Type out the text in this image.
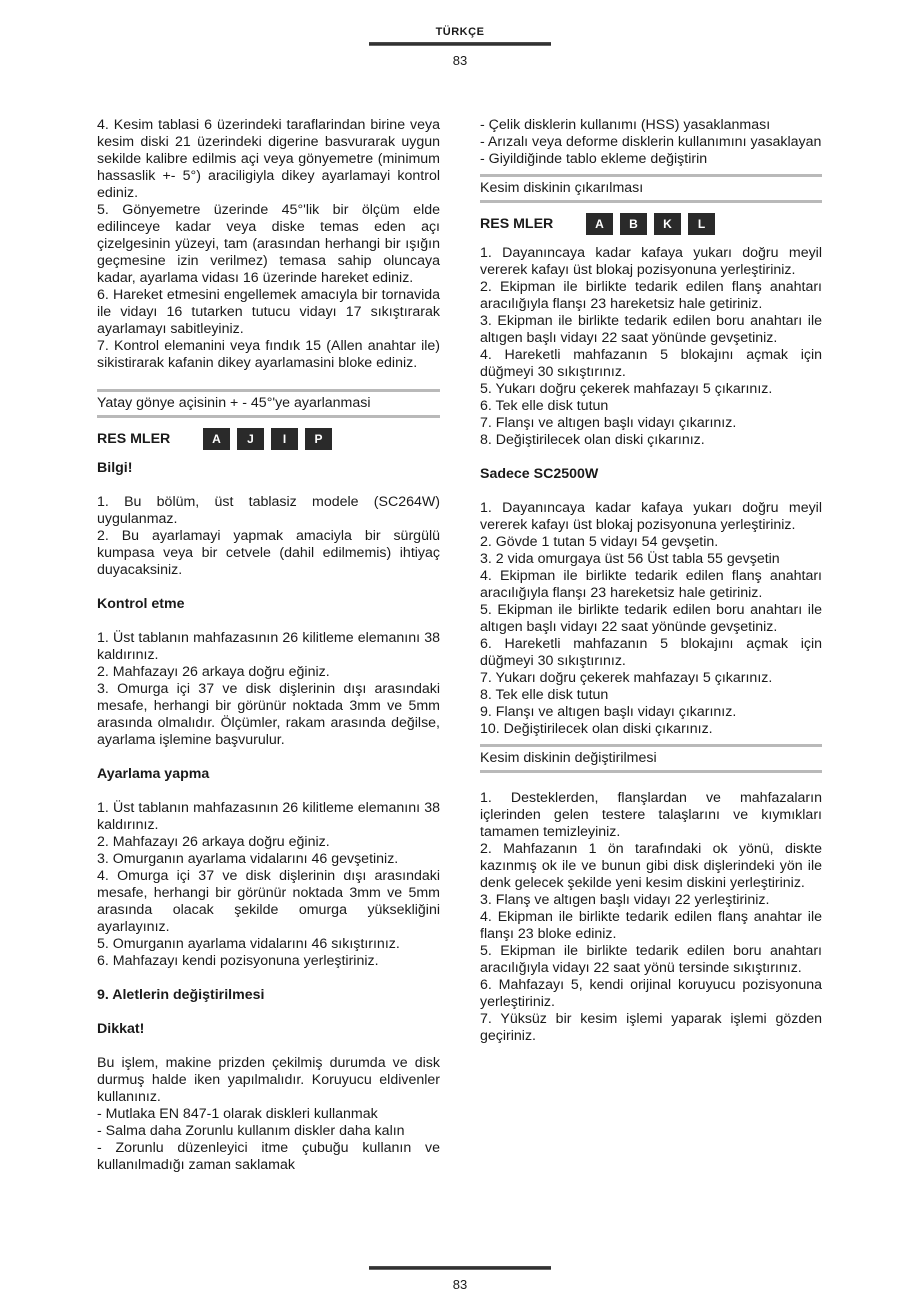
TÜRKÇE
83

4. Kesim tablasi 6 üzerindeki taraflarindan birine veya kesim diski 21 üzerindeki digerine basvurarak uygun sekilde kalibre edilmis açi veya gönyemetre (minimum hassaslik +- 5°) araciligiyla dikey ayarlamayi kontrol ediniz.

5. Gönyemetre üzerinde 45°'lik bir ölçüm elde edilinceye kadar veya diske temas eden açı çizelgesinin yüzeyi, tam (arasından herhangi bir ışığın geçmesine izin verilmez) temasa sahip oluncaya kadar, ayarlama vidası 16 üzerinde hareket ediniz.

6. Hareket etmesini engellemek amacıyla bir tornavida ile vidayı 16 tutarken tutucu vidayı 17 sıkıştırarak ayarlamayı sabitleyiniz.

7. Kontrol elemanini veya fındık 15 (Allen anahtar ile) sikistirarak kafanin dikey ayarlamasini bloke ediniz.

Yatay gönye açisinin + - 45°'ye ayarlanmasi

RES MLER	A	J	I	P

Bilgi!

1. Bu bölüm, üst tablasiz modele (SC264W) uygulanmaz.

2. Bu ayarlamayi yapmak amaciyla bir sürgülü kumpasa veya bir cetvele (dahil edilmemis) ihtiyaç duyacaksiniz.

Kontrol etme

1. Üst tablanın mahfazasının 26 kilitleme elemanını 38 kaldırınız.

2. Mahfazayı 26 arkaya doğru eğiniz.

3. Omurga içi 37 ve disk dişlerinin dışı arasındaki mesafe, herhangi bir görünür noktada 3mm ve 5mm arasında olmalıdır. Ölçümler, rakam arasında değilse, ayarlama işlemine başvurulur.

Ayarlama yapma

1. Üst tablanın mahfazasının 26 kilitleme elemanını 38 kaldırınız.

2. Mahfazayı 26 arkaya doğru eğiniz.

3. Omurganın ayarlama vidalarını 46 gevşetiniz.

4. Omurga içi 37 ve disk dişlerinin dışı arasındaki mesafe, herhangi bir görünür noktada 3mm ve 5mm arasında olacak şekilde omurga yüksekliğini ayarlayınız.

5. Omurganın ayarlama vidalarını 46 sıkıştırınız.

6. Mahfazayı kendi pozisyonuna yerleştiriniz.

9. Aletlerin değiştirilmesi

Dikkat!

Bu işlem, makine prizden çekilmiş durumda ve disk durmuş halde iken yapılmalıdır. Koruyucu eldivenler kullanınız.

- Mutlaka EN 847-1 olarak diskleri kullanmak

- Salma daha Zorunlu kullanım diskler daha kalın

- Zorunlu düzenleyici itme çubuğu kullanın ve kullanılmadığı zaman saklamak

- Çelik disklerin kullanımı (HSS) yasaklanması

- Arızalı veya deforme disklerin kullanımını yasaklayan

- Giyildiğinde tablo ekleme değiştirin

Kesim diskinin çıkarılması

RES MLER	A	B	K	L

1. Dayanıncaya kadar kafaya yukarı doğru meyil vererek kafayı üst blokaj pozisyonuna yerleştiriniz.

2. Ekipman ile birlikte tedarik edilen flanş anahtarı aracılığıyla flanşı 23 hareketsiz hale getiriniz.

3. Ekipman ile birlikte tedarik edilen boru anahtarı ile altıgen başlı vidayı 22 saat yönünde gevşetiniz.

4. Hareketli mahfazanın 5 blokajını açmak için düğmeyi 30 sıkıştırınız.

5. Yukarı doğru çekerek mahfazayı 5 çıkarınız.

6. Tek elle disk tutun

7. Flanşı ve altıgen başlı vidayı çıkarınız.

8. Değiştirilecek olan diski çıkarınız.

Sadece SC2500W

1. Dayanıncaya kadar kafaya yukarı doğru meyil vererek kafayı üst blokaj pozisyonuna yerleştiriniz.

2. Gövde 1 tutan 5 vidayı 54 gevşetin.

3. 2 vida omurgaya üst 56 Üst tabla 55 gevşetin

4. Ekipman ile birlikte tedarik edilen flanş anahtarı aracılığıyla flanşı 23 hareketsiz hale getiriniz.

5. Ekipman ile birlikte tedarik edilen boru anahtarı ile altıgen başlı vidayı 22 saat yönünde gevşetiniz.

6. Hareketli mahfazanın 5 blokajını açmak için düğmeyi 30 sıkıştırınız.

7. Yukarı doğru çekerek mahfazayı 5 çıkarınız.

8. Tek elle disk tutun

9. Flanşı ve altıgen başlı vidayı çıkarınız.

10. Değiştirilecek olan diski çıkarınız.

Kesim diskinin değiştirilmesi

1. Desteklerden, flanşlardan ve mahfazaların içlerinden gelen testere talaşlarını ve kıymıkları tamamen temizleyiniz.

2. Mahfazanın 1 ön tarafındaki ok yönü, diskte kazınmış ok ile ve bunun gibi disk dişlerindeki yön ile denk gelecek şekilde yeni kesim diskini yerleştiriniz.

3. Flanş ve altıgen başlı vidayı 22 yerleştiriniz.

4. Ekipman ile birlikte tedarik edilen flanş anahtar ile flanşı 23 bloke ediniz.

5. Ekipman ile birlikte tedarik edilen boru anahtarı aracılığıyla vidayı 22 saat yönü tersinde sıkıştırınız.

6. Mahfazayı 5, kendi orijinal koruyucu pozisyonuna yerleştiriniz.

7. Yüksüz bir kesim işlemi yaparak işlemi gözden geçiriniz.

83
